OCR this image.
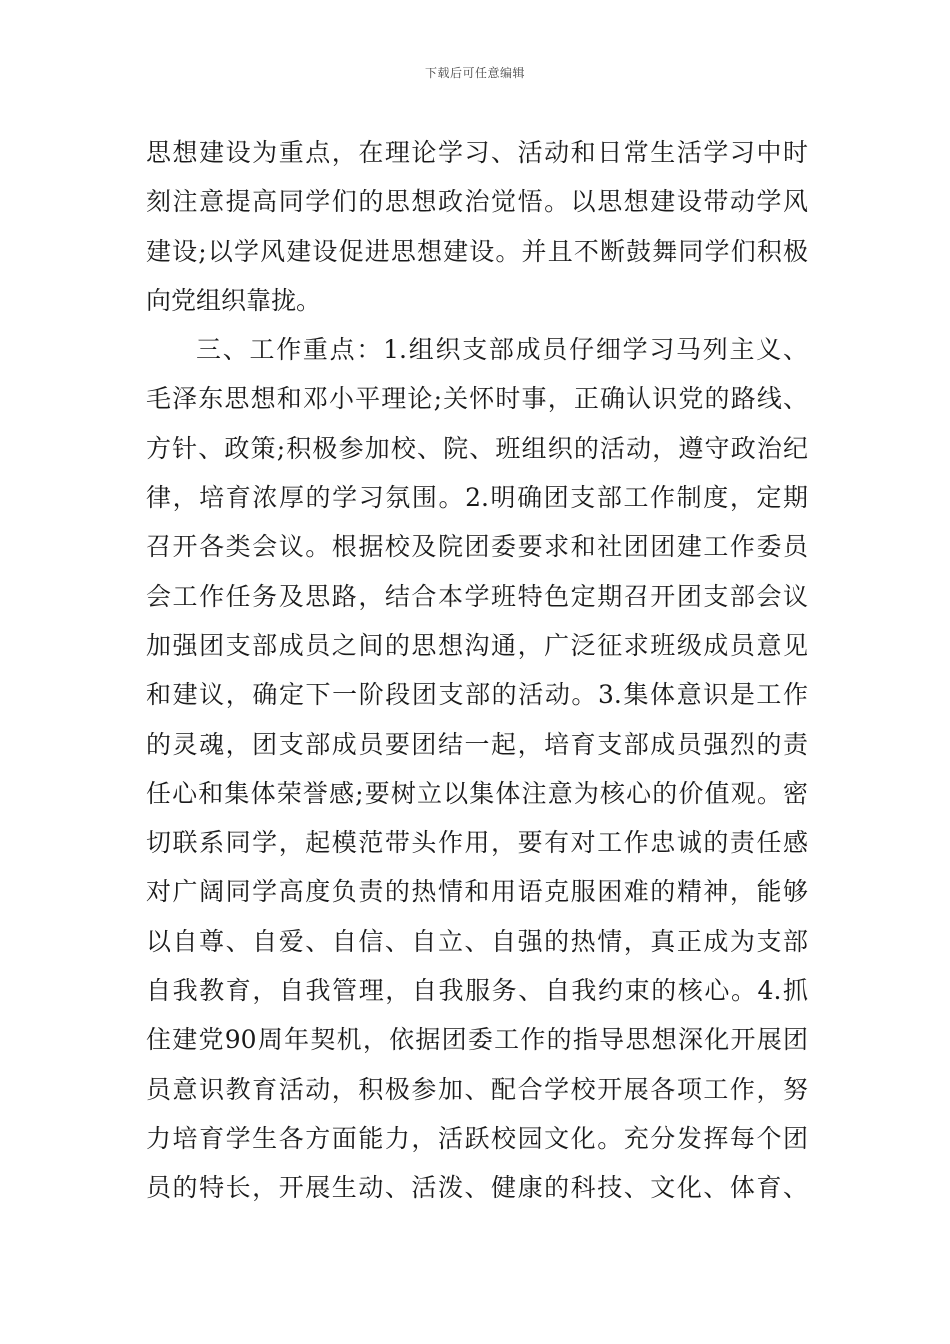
下载后可任意编辑
思想建设为重点，在理论学习、活动和日常生活学习中时
刻注意提高同学们的思想政治觉悟。以思想建设带动学风
建设;以学风建设促进思想建设。并且不断鼓舞同学们积极
向党组织靠拢。
三、工作重点：1.组织支部成员仔细学习马列主义、
毛泽东思想和邓小平理论;关怀时事，正确认识党的路线、
方针、政策;积极参加校、院、班组织的活动，遵守政治纪
律，培育浓厚的学习氛围。2.明确团支部工作制度，定期
召开各类会议。根据校及院团委要求和社团团建工作委员
会工作任务及思路，结合本学班特色定期召开团支部会议
加强团支部成员之间的思想沟通，广泛征求班级成员意见
和建议，确定下一阶段团支部的活动。3.集体意识是工作
的灵魂，团支部成员要团结一起，培育支部成员强烈的责
任心和集体荣誉感;要树立以集体注意为核心的价值观。密
切联系同学，起模范带头作用，要有对工作忠诚的责任感
对广阔同学高度负责的热情和用语克服困难的精神，能够
以自尊、自爱、自信、自立、自强的热情，真正成为支部
自我教育，自我管理，自我服务、自我约束的核心。4.抓
住建党90周年契机，依据团委工作的指导思想深化开展团
员意识教育活动，积极参加、配合学校开展各项工作，努
力培育学生各方面能力，活跃校园文化。充分发挥每个团
员的特长，开展生动、活泼、健康的科技、文化、体育、
